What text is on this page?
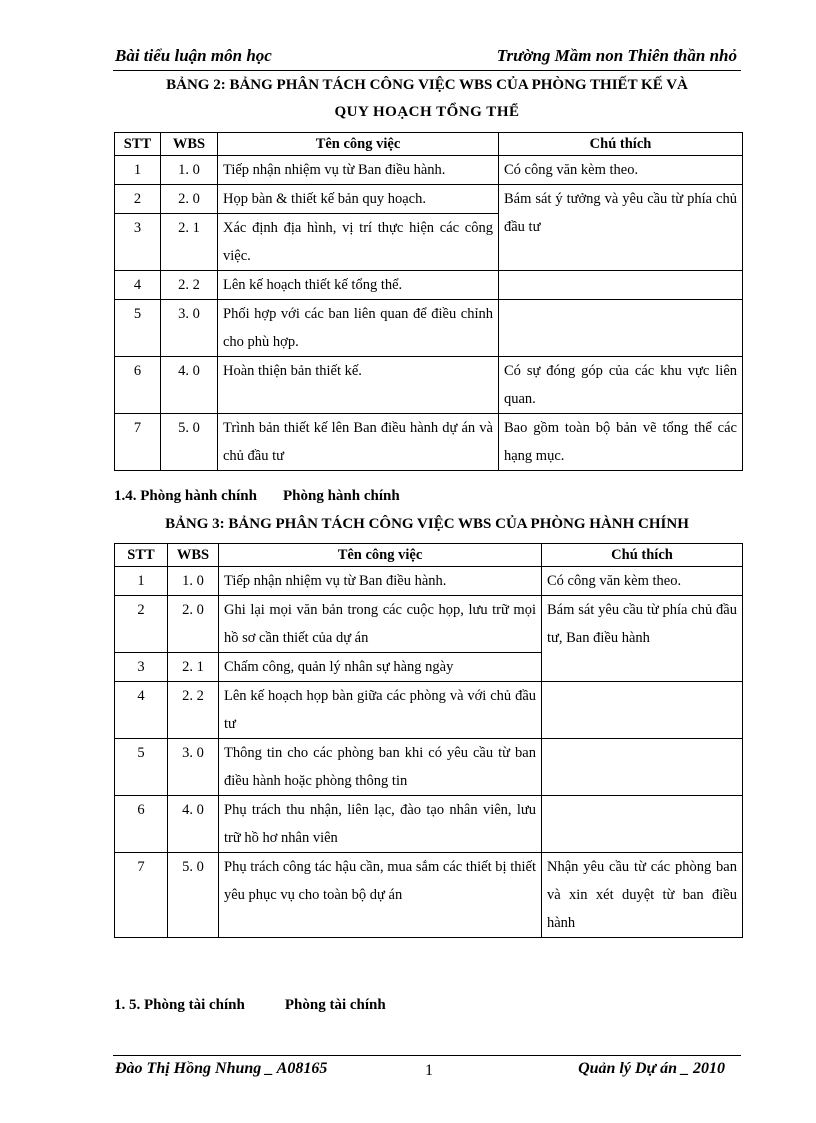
Bài tiểu luận môn học	Trường Mầm non Thiên thần nhỏ
BẢNG 2: BẢNG PHÂN TÁCH CÔNG VIỆC WBS CỦA PHÒNG THIẾT KẾ VÀ
QUY HOẠCH TỔNG THỂ
STT	WBS	Tên công việc	Chú thích
1	1. 0	Tiếp nhận nhiệm vụ từ Ban điều hành.	Có công văn kèm theo.
2	2. 0	Họp bàn & thiết kế bản quy hoạch.	Bám sát ý tưởng và yêu cầu từ phía chủ đầu tư
3	2. 1	Xác định địa hình, vị trí thực hiện các công việc.	
4	2. 2	Lên kế hoạch thiết kế tổng thể.	
5	3. 0	Phối hợp với các ban liên quan để điều chỉnh cho phù hợp.	
6	4. 0	Hoàn thiện bản thiết kế.	Có sự đóng góp của các khu vực liên quan.
7	5. 0	Trình bản thiết kế lên Ban điều hành dự án và chủ đầu tư	Bao gồm toàn bộ bản vẽ tổng thể các hạng mục.
1.4. Phòng hành chính Phòng hành chính
BẢNG 3: BẢNG PHÂN TÁCH CÔNG VIỆC WBS CỦA PHÒNG HÀNH CHÍNH
STT	WBS	Tên công việc	Chú thích
1	1. 0	Tiếp nhận nhiệm vụ từ Ban điều hành.	Có công văn kèm theo.
2	2. 0	Ghi lại mọi văn bản trong các cuộc họp, lưu trữ mọi hồ sơ cần thiết của dự án	Bám sát yêu cầu từ phía chủ đầu tư, Ban điều hành
3	2. 1	Chấm công, quản lý nhân sự hàng ngày	
4	2. 2	Lên kế hoạch họp bàn giữa các phòng và với chủ đầu tư	
5	3. 0	Thông tin cho các phòng ban khi có yêu cầu từ ban điều hành hoặc phòng thông tin	
6	4. 0	Phụ trách thu nhận, liên lạc, đào tạo nhân viên, lưu trữ hồ hơ nhân viên	
7	5. 0	Phụ trách công tác hậu cần, mua sắm các thiết bị thiết yêu phục vụ cho toàn bộ dự án	Nhận yêu cầu từ các phòng ban và xin xét duyệt từ ban điều hành
1. 5. Phòng tài chính	Phòng tài chính
Đào Thị Hồng Nhung _ A08165	1	Quản lý Dự án _ 2010
